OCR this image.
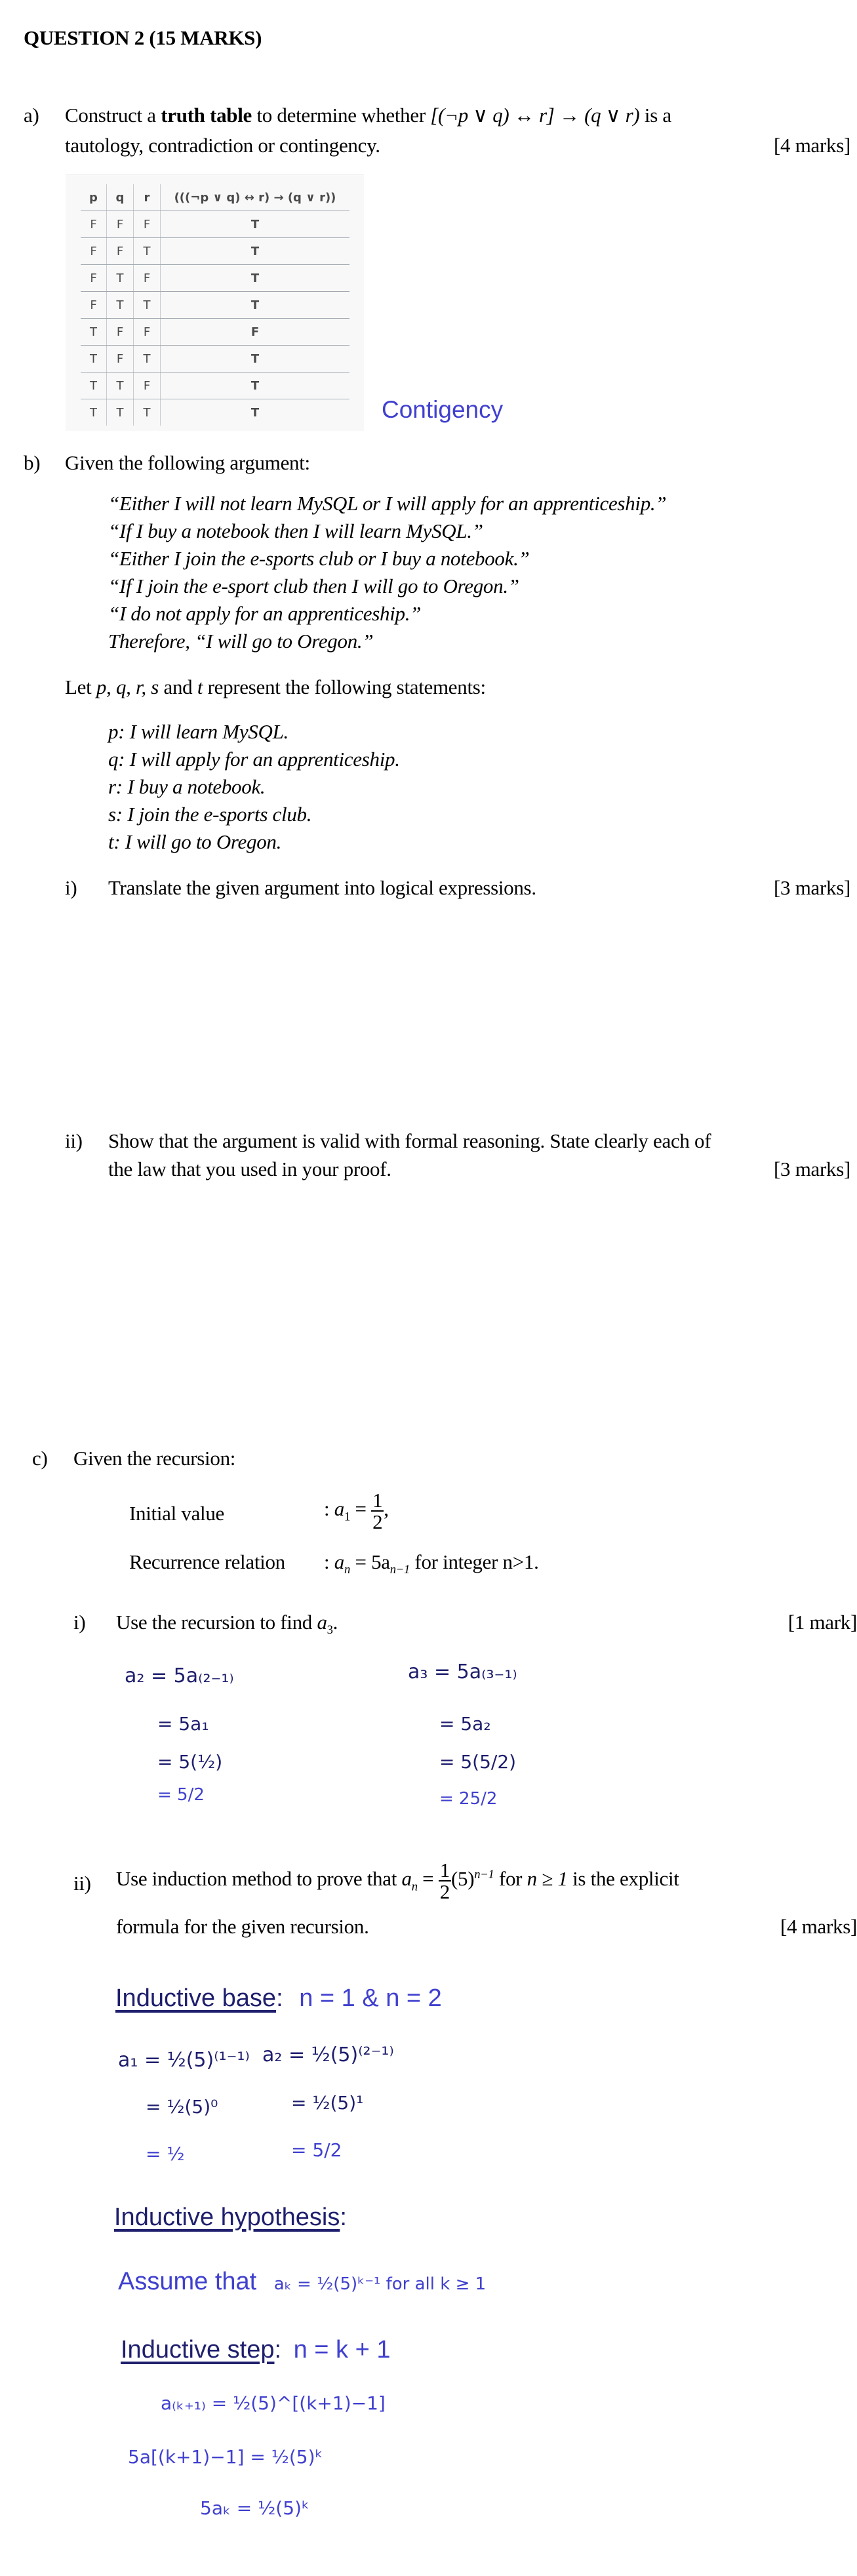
QUESTION 2 (15 MARKS)
a) Construct a truth table to determine whether [(¬p ∨ q) ↔ r] → (q ∨ r) is a
tautology, contradiction or contingency.	[4 marks]
p	q	r	(((¬p ∨ q) ↔ r) → (q ∨ r))
F	F	F	T
F	F	T	T
F	T	F	T
F	T	T	T
T	F	F	F
T	F	T	T
T	T	F	T
T	T	T	T	Contigency
b) Given the following argument:
“Either I will not learn MySQL or I will apply for an apprenticeship.”
“If I buy a notebook then I will learn MySQL.”
“Either I join the e-sports club or I buy a notebook.”
“If I join the e-sport club then I will go to Oregon.”
“I do not apply for an apprenticeship.”
Therefore, “I will go to Oregon.”
Let p, q, r, s and t represent the following statements:
p: I will learn MySQL.
q: I will apply for an apprenticeship.
r: I buy a notebook.
s: I join the e-sports club.
t: I will go to Oregon.
i) Translate the given argument into logical expressions.	[3 marks]
ii) Show that the argument is valid with formal reasoning. State clearly each of
the law that you used in your proof.	[3 marks]
c) Given the recursion:
Initial value	: $a_1 = \frac{1}{2}$ ,
Recurrence relation : $a_n = 5a_{n-1}$ for integer n>1.
i) Use the recursion to find $a_3$.	[1 mark]
a₂ = 5a₍₂₋₁₎
= 5a₁
= 5(½)
= 5/2
a₃ = 5a₍₃₋₁₎
= 5a₂
= 5(5/2)
= 25/2
ii) Use induction method to prove that $a_n = \frac{1}{2} (5)^{n-1}$ for n ≥ 1 is the explicit
formula for the given recursion.	[4 marks]
Inductive base: n = 1 & n = 2
a₁ = ½(5)⁽¹⁻¹⁾
= ½(5)⁰
= ½
a₂ = ½(5)⁽²⁻¹⁾
= ½(5)¹
= 5/2
Inductive hypothesis:
Assume that aₖ = ½(5)ᵏ⁻¹ for all k ≥ 1
Inductive step: n = k + 1
a₍ₖ₊₁₎ = ½(5)^[(k+1)−1]
5a[(k+1)−1] = ½(5)ᵏ
5aₖ = ½(5)ᵏ
